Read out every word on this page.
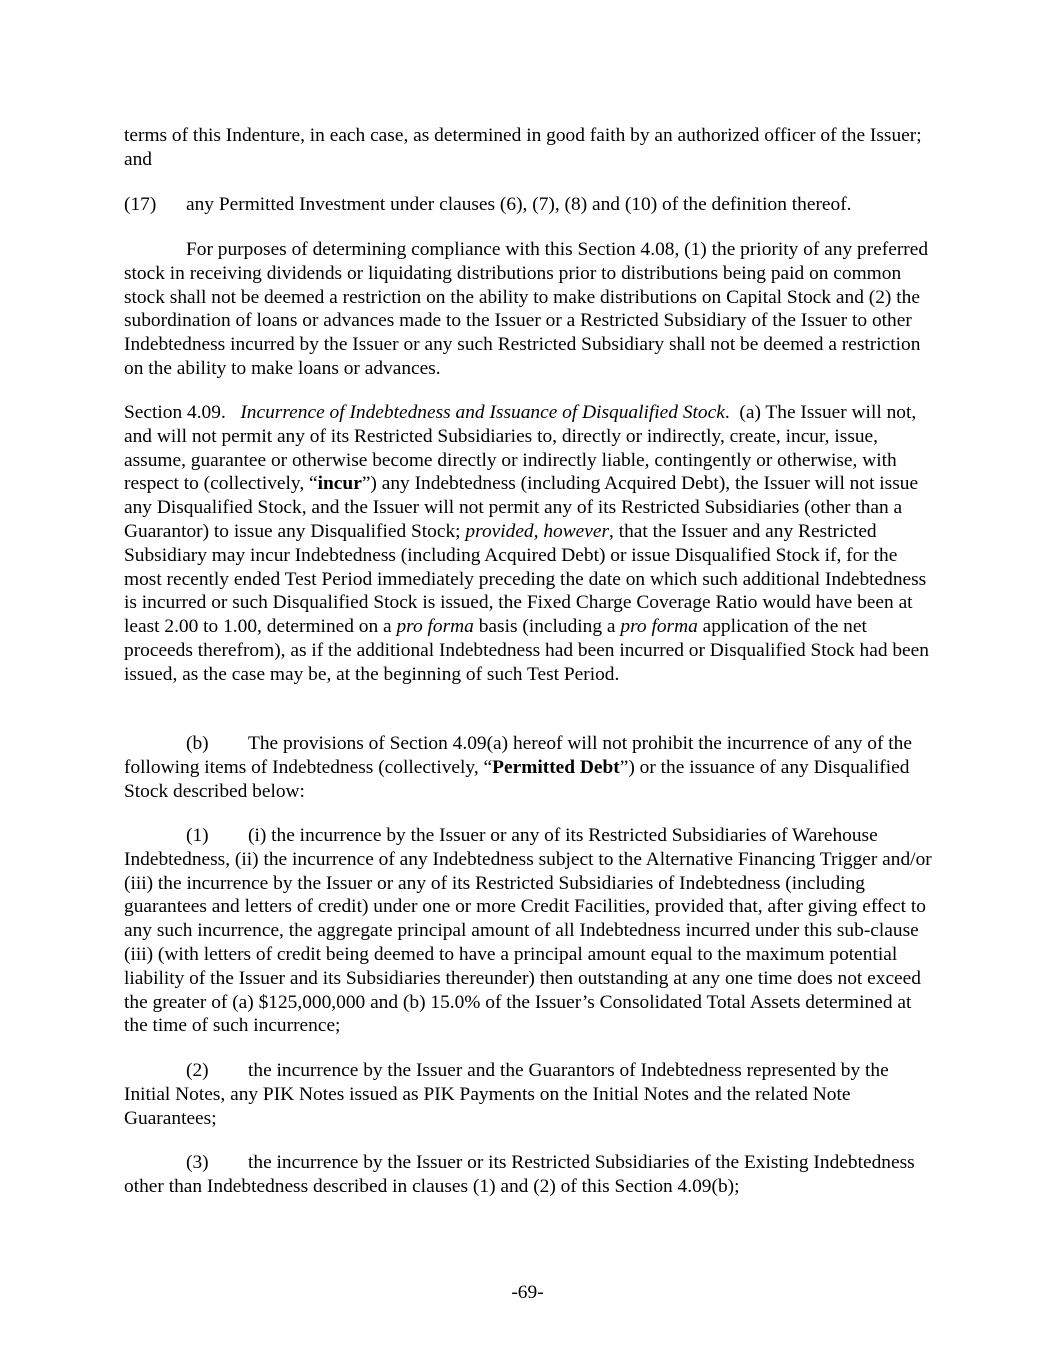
terms of this Indenture, in each case, as determined in good faith by an authorized officer of the Issuer; and

(17) any Permitted Investment under clauses (6), (7), (8) and (10) of the definition thereof.

For purposes of determining compliance with this Section 4.08, (1) the priority of any preferred stock in receiving dividends or liquidating distributions prior to distributions being paid on common stock shall not be deemed a restriction on the ability to make distributions on Capital Stock and (2) the subordination of loans or advances made to the Issuer or a Restricted Subsidiary of the Issuer to other Indebtedness incurred by the Issuer or any such Restricted Subsidiary shall not be deemed a restriction on the ability to make loans or advances.

Section 4.09. Incurrence of Indebtedness and Issuance of Disqualified Stock. (a) The Issuer will not, and will not permit any of its Restricted Subsidiaries to, directly or indirectly, create, incur, issue, assume, guarantee or otherwise become directly or indirectly liable, contingently or otherwise, with respect to (collectively, “incur”) any Indebtedness (including Acquired Debt), the Issuer will not issue any Disqualified Stock, and the Issuer will not permit any of its Restricted Subsidiaries (other than a Guarantor) to issue any Disqualified Stock; provided, however, that the Issuer and any Restricted Subsidiary may incur Indebtedness (including Acquired Debt) or issue Disqualified Stock if, for the most recently ended Test Period immediately preceding the date on which such additional Indebtedness is incurred or such Disqualified Stock is issued, the Fixed Charge Coverage Ratio would have been at least 2.00 to 1.00, determined on a pro forma basis (including a pro forma application of the net proceeds therefrom), as if the additional Indebtedness had been incurred or Disqualified Stock had been issued, as the case may be, at the beginning of such Test Period.

(b) The provisions of Section 4.09(a) hereof will not prohibit the incurrence of any of the following items of Indebtedness (collectively, “Permitted Debt”) or the issuance of any Disqualified Stock described below:

(1) (i) the incurrence by the Issuer or any of its Restricted Subsidiaries of Warehouse Indebtedness, (ii) the incurrence of any Indebtedness subject to the Alternative Financing Trigger and/or (iii) the incurrence by the Issuer or any of its Restricted Subsidiaries of Indebtedness (including guarantees and letters of credit) under one or more Credit Facilities, provided that, after giving effect to any such incurrence, the aggregate principal amount of all Indebtedness incurred under this sub-clause (iii) (with letters of credit being deemed to have a principal amount equal to the maximum potential liability of the Issuer and its Subsidiaries thereunder) then outstanding at any one time does not exceed the greater of (a) $125,000,000 and (b) 15.0% of the Issuer’s Consolidated Total Assets determined at the time of such incurrence;

(2) the incurrence by the Issuer and the Guarantors of Indebtedness represented by the Initial Notes, any PIK Notes issued as PIK Payments on the Initial Notes and the related Note Guarantees;

(3) the incurrence by the Issuer or its Restricted Subsidiaries of the Existing Indebtedness other than Indebtedness described in clauses (1) and (2) of this Section 4.09(b);

-69-
